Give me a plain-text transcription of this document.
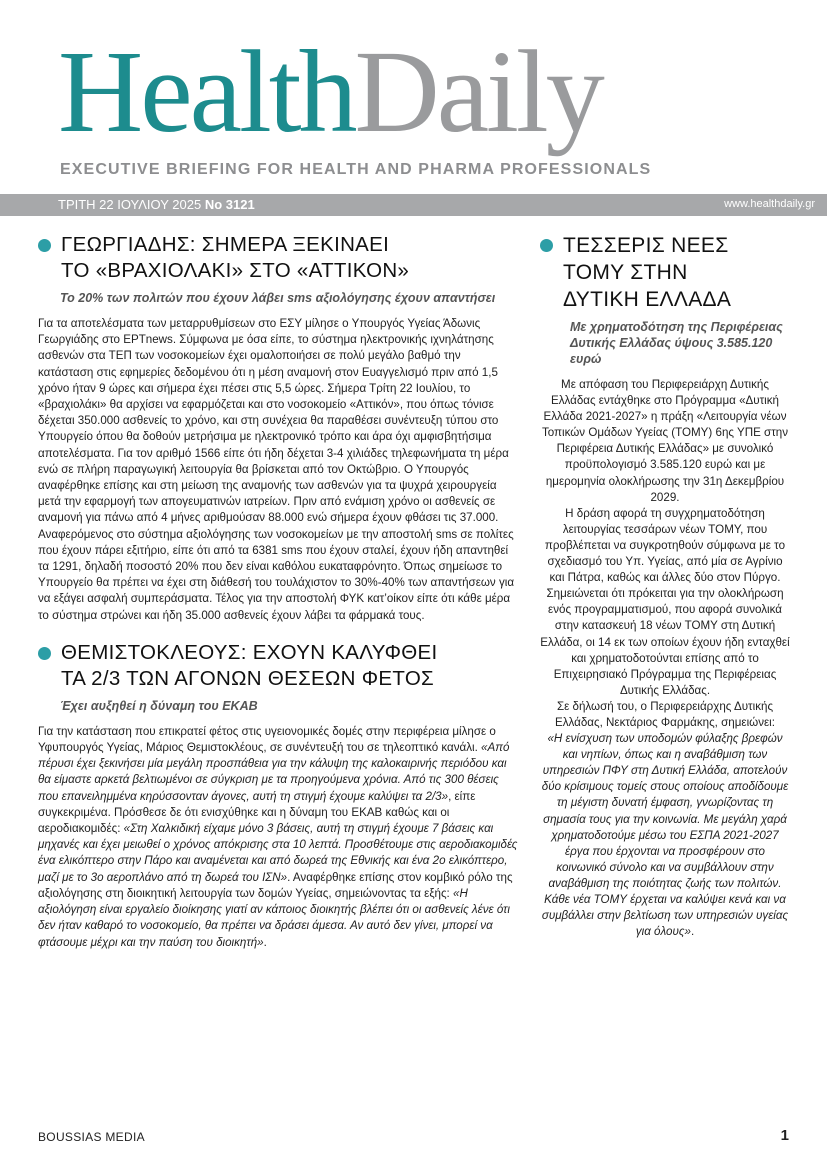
HealthDaily
EXECUTIVE BRIEFING FOR HEALTH AND PHARMA PROFESSIONALS
ΤΡΙΤΗ 22 ΙΟΥΛΙΟΥ 2025 No 3121	www.healthdaily.gr
ΓΕΩΡΓΙΑΔΗΣ: ΣΗΜΕΡΑ ΞΕΚΙΝΑΕΙ
ΤΟ «ΒΡΑΧΙΟΛΑΚΙ» ΣΤΟ «ΑΤΤΙΚΟΝ»
Το 20% των πολιτών που έχουν λάβει sms αξιολόγησης έχουν απαντήσει

Για τα αποτελέσματα των μεταρρυθμίσεων στο ΕΣΥ μίλησε ο Υπουργός Υγείας Άδωνις Γεωργιάδης στο ΕΡΤnews. Σύμφωνα με όσα είπε, το σύστημα ηλεκτρονικής ιχνηλάτησης ασθενών στα ΤΕΠ των νοσοκομείων έχει ομαλοποιήσει σε πολύ μεγάλο βαθμό την κατάσταση στις εφημερίες δεδομένου ότι η μέση αναμονή στον Ευαγγελισμό πριν από 1,5 χρόνο ήταν 9 ώρες και σήμερα έχει πέσει στις 5,5 ώρες. Σήμερα Τρίτη 22 Ιουλίου, το «βραχιολάκι» θα αρχίσει να εφαρμόζεται και στο νοσοκομείο «Αττικόν», που όπως τόνισε δέχεται 350.000 ασθενείς το χρόνο, και στη συνέχεια θα παραθέσει συνέντευξη τύπου στο Υπουργείο όπου θα δοθούν μετρήσιμα με ηλεκτρονικό τρόπο και άρα όχι αμφισβητήσιμα αποτελέσματα. Για τον αριθμό 1566 είπε ότι ήδη δέχεται 3-4 χιλιάδες τηλεφωνήματα τη μέρα ενώ σε πλήρη παραγωγική λειτουργία θα βρίσκεται από τον Οκτώβριο. Ο Υπουργός αναφέρθηκε επίσης και στη μείωση της αναμονής των ασθενών για τα ψυχρά χειρουργεία μετά την εφαρμογή των απογευματινών ιατρείων. Πριν από ενάμιση χρόνο οι ασθενείς σε αναμονή για πάνω από 4 μήνες αριθμούσαν 88.000 ενώ σήμερα έχουν φθάσει τις 37.000. Αναφερόμενος στο σύστημα αξιολόγησης των νοσοκομείων με την αποστολή sms σε πολίτες που έχουν πάρει εξιτήριο, είπε ότι από τα 6381 sms που έχουν σταλεί, έχουν ήδη απαντηθεί τα 1291, δηλαδή ποσοστό 20% που δεν είναι καθόλου ευκαταφρόνητο. Όπως σημείωσε το Υπουργείο θα πρέπει να έχει στη διάθεσή του τουλάχιστον το 30%-40% των απαντήσεων για να εξάγει ασφαλή συμπεράσματα. Τέλος για την αποστολή ΦΥΚ κατ’οίκον είπε ότι κάθε μέρα το σύστημα στρώνει και ήδη 35.000 ασθενείς έχουν λάβει τα φάρμακά τους.

ΘΕΜΙΣΤΟΚΛΕΟΥΣ: ΕΧΟΥΝ ΚΑΛΥΦΘΕΙ
ΤΑ 2/3 ΤΩΝ ΑΓΟΝΩΝ ΘΕΣΕΩΝ ΦΕΤΟΣ
Έχει αυξηθεί η δύναμη του ΕΚΑΒ

Για την κατάσταση που επικρατεί φέτος στις υγειονομικές δομές στην περιφέρεια μίλησε ο Υφυπουργός Υγείας, Μάριος Θεμιστοκλέους, σε συνέντευξή του σε τηλεοπτικό κανάλι. «Από πέρυσι έχει ξεκινήσει μία μεγάλη προσπάθεια για την κάλυψη της καλοκαιρινής περιόδου και θα είμαστε αρκετά βελτιωμένοι σε σύγκριση με τα προηγούμενα χρόνια. Από τις 300 θέσεις που επανειλημμένα κηρύσσονταν άγονες, αυτή τη στιγμή έχουμε καλύψει τα 2/3», είπε συγκεκριμένα. Πρόσθεσε δε ότι ενισχύθηκε και η δύναμη του ΕΚΑΒ καθώς και οι αεροδιακομιδές: «Στη Χαλκιδική είχαμε μόνο 3 βάσεις, αυτή τη στιγμή έχουμε 7 βάσεις και μηχανές και έχει μειωθεί ο χρόνος απόκρισης στα 10 λεπτά. Προσθέτουμε στις αεροδιακομιδές ένα ελικόπτερο στην Πάρο και αναμένεται και από δωρεά της Εθνικής και ένα 2ο ελικόπτερο, μαζί με το 3ο αεροπλάνο από τη δωρεά του ΙΣΝ». Αναφέρθηκε επίσης στον κομβικό ρόλο της αξιολόγησης στη διοικητική λειτουργία των δομών Υγείας, σημειώνοντας τα εξής: «Η αξιολόγηση είναι εργαλείο διοίκησης γιατί αν κάποιος διοικητής βλέπει ότι οι ασθενείς λένε ότι δεν ήταν καθαρό το νοσοκομείο, θα πρέπει να δράσει άμεσα. Αν αυτό δεν γίνει, μπορεί να φτάσουμε μέχρι και την παύση του διοικητή».

ΤΕΣΣΕΡΙΣ ΝΕΕΣ
ΤΟΜΥ ΣΤΗΝ
ΔΥΤΙΚΗ ΕΛΛΑΔΑ
Με χρηματοδότηση της Περιφέρειας Δυτικής Ελλάδας ύψους 3.585.120 ευρώ

Με απόφαση του Περιφερειάρχη Δυτικής Ελλάδας εντάχθηκε στο Πρόγραμμα «Δυτική Ελλάδα 2021-2027» η πράξη «Λειτουργία νέων Τοπικών Ομάδων Υγείας (ΤΟΜΥ) 6ης ΥΠΕ στην Περιφέρεια Δυτικής Ελλάδας» με συνολικό προϋπολογισμό 3.585.120 ευρώ και με ημερομηνία ολοκλήρωσης την 31η Δεκεμβρίου 2029.

Η δράση αφορά τη συγχρηματοδότηση λειτουργίας τεσσάρων νέων ΤΟΜΥ, που προβλέπεται να συγκροτηθούν σύμφωνα με το σχεδιασμό του Υπ. Υγείας, από μία σε Αγρίνιο και Πάτρα, καθώς και άλλες δύο στον Πύργο.

Σημειώνεται ότι πρόκειται για την ολοκλήρωση ενός προγραμματισμού, που αφορά συνολικά στην κατασκευή 18 νέων ΤΟΜΥ στη Δυτική Ελλάδα, οι 14 εκ των οποίων έχουν ήδη ενταχθεί και χρηματοδοτούνται επίσης από το Επιχειρησιακό Πρόγραμμα της Περιφέρειας Δυτικής Ελλάδας.

Σε δήλωσή του, ο Περιφερειάρχης Δυτικής Ελλάδας, Νεκτάριος Φαρμάκης, σημειώνει:

«Η ενίσχυση των υποδομών φύλαξης βρεφών και νηπίων, όπως και η αναβάθμιση των υπηρεσιών ΠΦΥ στη Δυτική Ελλάδα, αποτελούν δύο κρίσιμους τομείς στους οποίους αποδίδουμε τη μέγιστη δυνατή έμφαση, γνωρίζοντας τη σημασία τους για την κοινωνία. Με μεγάλη χαρά χρηματοδοτούμε μέσω του ΕΣΠΑ 2021-2027 έργα που έρχονται να προσφέρουν στο κοινωνικό σύνολο και να συμβάλλουν στην αναβάθμιση της ποιότητας ζωής των πολιτών. Κάθε νέα ΤΟΜΥ έρχεται να καλύψει κενά και να συμβάλλει στην βελτίωση των υπηρεσιών υγείας για όλους».

BOUSSIAS MEDIA	1
